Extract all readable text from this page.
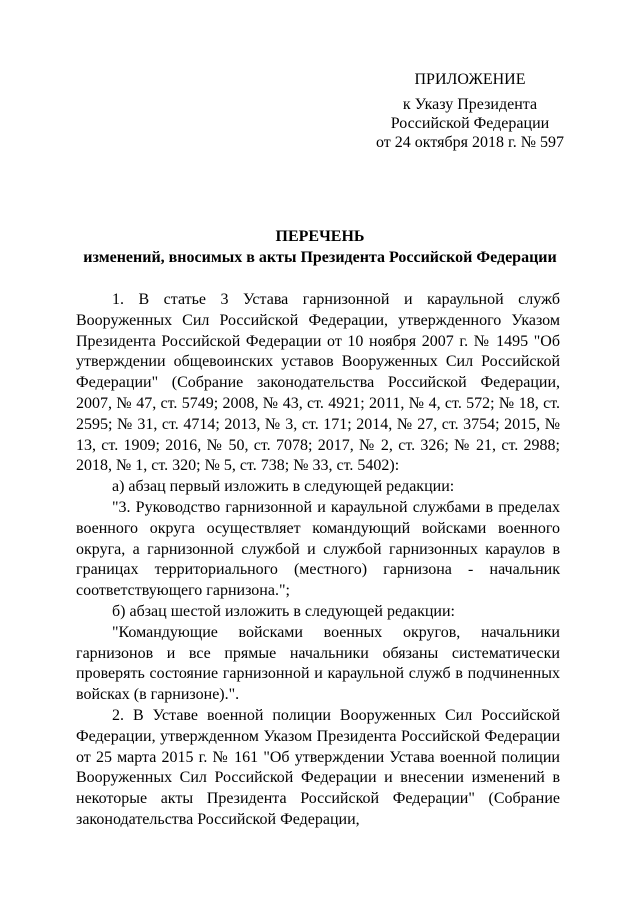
ПРИЛОЖЕНИЕ
к Указу Президента
Российской Федерации
от 24 октября 2018 г. № 597
ПЕРЕЧЕНЬ
изменений, вносимых в акты Президента Российской Федерации

1. В статье 3 Устава гарнизонной и караульной служб Вооруженных Сил Российской Федерации, утвержденного Указом Президента Российской Федерации от 10 ноября 2007 г. № 1495 "Об утверждении общевоинских уставов Вооруженных Сил Российской Федерации" (Собрание законодательства Российской Федерации, 2007, № 47, ст. 5749; 2008, № 43, ст. 4921; 2011, № 4, ст. 572; № 18, ст. 2595; № 31, ст. 4714; 2013, № 3, ст. 171; 2014, № 27, ст. 3754; 2015, № 13, ст. 1909; 2016, № 50, ст. 7078; 2017, № 2, ст. 326; № 21, ст. 2988; 2018, № 1, ст. 320; № 5, ст. 738; № 33, ст. 5402):

а) абзац первый изложить в следующей редакции:

"3. Руководство гарнизонной и караульной службами в пределах военного округа осуществляет командующий войсками военного округа, а гарнизонной службой и службой гарнизонных караулов в границах территориального (местного) гарнизона - начальник соответствующего гарнизона.";

б) абзац шестой изложить в следующей редакции:

"Командующие войсками военных округов, начальники гарнизонов и все прямые начальники обязаны систематически проверять состояние гарнизонной и караульной служб в подчиненных войсках (в гарнизоне).".

2. В Уставе военной полиции Вооруженных Сил Российской Федерации, утвержденном Указом Президента Российской Федерации от 25 марта 2015 г. № 161 "Об утверждении Устава военной полиции Вооруженных Сил Российской Федерации и внесении изменений в некоторые акты Президента Российской Федерации" (Собрание законодательства Российской Федерации,
